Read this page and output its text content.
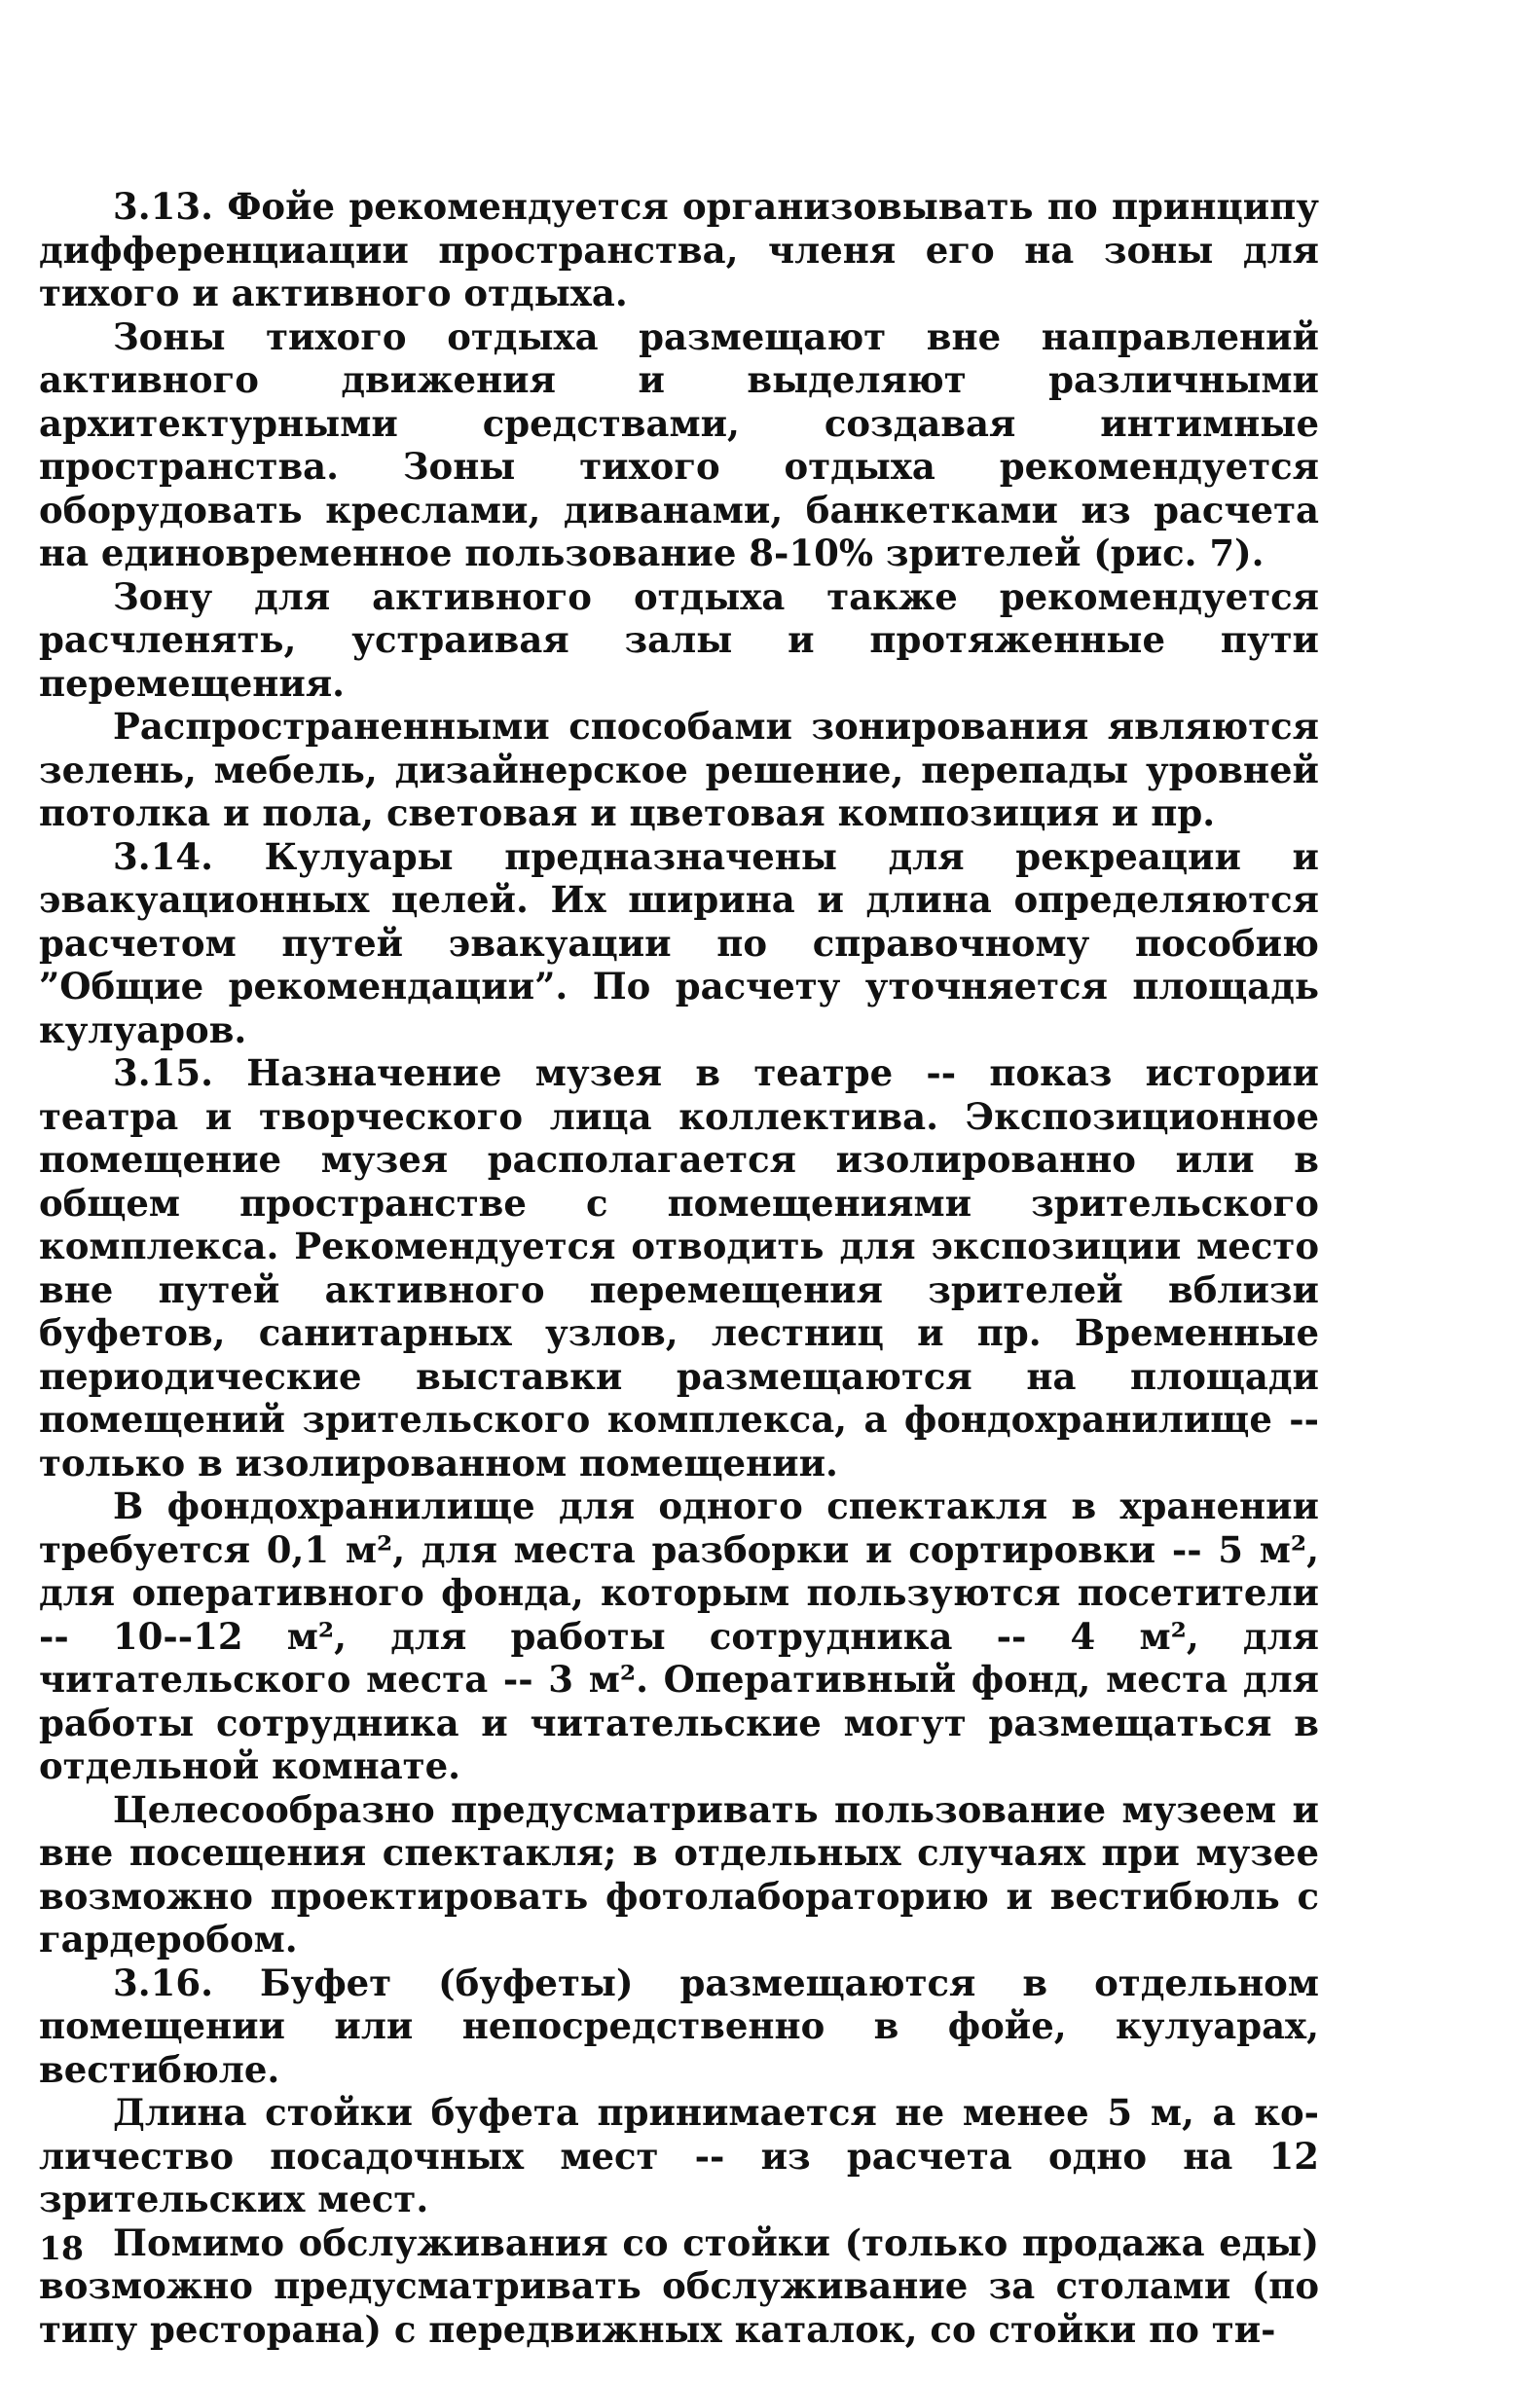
3.13. Фойе рекомендуется организовывать по принципу дифференциации пространства, членя его на зоны для тихого и активного отдыха.

Зоны тихого отдыха размещают вне направлений активного движения и выделяют различными архитектурными средствами, создавая интимные пространства. Зоны тихого отдыха рекомендуется оборудовать креслами, диванами, банкетками из расчета на единовременное пользование 8-10% зрителей (рис. 7).

Зону для активного отдыха также рекомендуется расчленять, устраивая залы и протяженные пути перемещения.

Распространенными способами зонирования являются зелень, мебель, дизайнерское решение, перепады уровней потолка и пола, световая и цветовая композиция и пр.

3.14. Кулуары предназначены для рекреации и эвакуационных целей. Их ширина и длина определяются расчетом путей эвакуации по справочному пособию ”Общие рекомендации”. По расчету уточняется площадь кулуаров.

3.15. Назначение музея в театре -- показ истории театра и творческого лица коллектива. Экспозиционное помещение музея располагается изолированно или в общем пространстве с помещениями зрительского комплекса. Рекомендуется отводить для экспозиции место вне путей активного перемещения зрителей вблизи буфетов, санитарных узлов, лестниц и пр. Временные периодические выставки размещаются на площади помещений зрительского комплекса, а фондохранилище -- только в изолированном помещении.

В фондохранилище для одного спектакля в хранении требуется 0,1 м², для места разборки и сортировки -- 5 м², для оперативного фонда, которым пользуются посетители -- 10--12 м², для работы сотрудника -- 4 м², для читательского места -- 3 м². Оперативный фонд, места для работы сотрудника и читательские могут размещаться в отдельной комнате.

Целесообразно предусматривать пользование музеем и вне посещения спектакля; в отдельных случаях при музее возможно проектировать фотолабораторию и вестибюль с гардеробом.

3.16. Буфет (буфеты) размещаются в отдельном помещении или непосредственно в фойе, кулуарах, вестибюле.

Длина стойки буфета принимается не менее 5 м, а количество посадочных мест -- из расчета одно на 12 зрительских мест.

Помимо обслуживания со стойки (только продажа еды) возможно предусматривать обслуживание за столами (по типу ресторана) с передвижных каталок, со стойки по ти-

18
